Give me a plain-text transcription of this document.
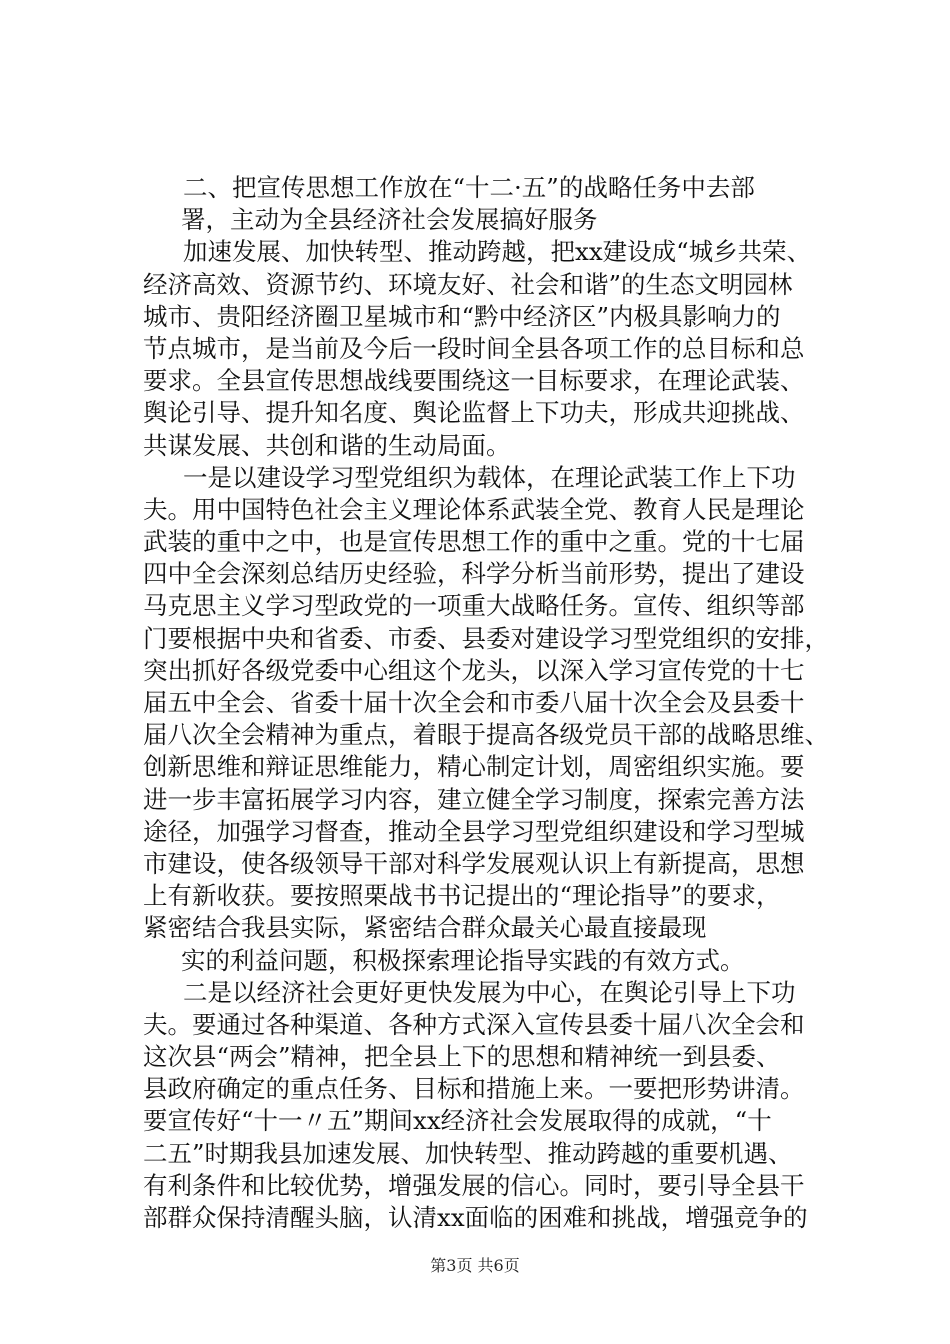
二、把宣传思想工作放在“十二·五”的战略任务中去部
署，主动为全县经济社会发展搞好服务
加速发展、加快转型、推动跨越，把xx建设成“城乡共荣、
经济高效、资源节约、环境友好、社会和谐”的生态文明园林
城市、贵阳经济圈卫星城市和“黔中经济区”内极具影响力的
节点城市，是当前及今后一段时间全县各项工作的总目标和总
要求。全县宣传思想战线要围绕这一目标要求，在理论武装、
舆论引导、提升知名度、舆论监督上下功夫，形成共迎挑战、
共谋发展、共创和谐的生动局面。
一是以建设学习型党组织为载体，在理论武装工作上下功
夫。用中国特色社会主义理论体系武装全党、教育人民是理论
武装的重中之中，也是宣传思想工作的重中之重。党的十七届
四中全会深刻总结历史经验，科学分析当前形势，提出了建设
马克思主义学习型政党的一项重大战略任务。宣传、组织等部
门要根据中央和省委、市委、县委对建设学习型党组织的安排，
突出抓好各级党委中心组这个龙头，以深入学习宣传党的十七
届五中全会、省委十届十次全会和市委八届十次全会及县委十
届八次全会精神为重点，着眼于提高各级党员干部的战略思维、
创新思维和辩证思维能力，精心制定计划，周密组织实施。要
进一步丰富拓展学习内容，建立健全学习制度，探索完善方法
途径，加强学习督查，推动全县学习型党组织建设和学习型城
市建设，使各级领导干部对科学发展观认识上有新提高，思想
上有新收获。要按照栗战书书记提出的“理论指导”的要求，
紧密结合我县实际，紧密结合群众最关心最直接最现
实的利益问题，积极探索理论指导实践的有效方式。
二是以经济社会更好更快发展为中心，在舆论引导上下功
夫。要通过各种渠道、各种方式深入宣传县委十届八次全会和
这次县“两会”精神，把全县上下的思想和精神统一到县委、
县政府确定的重点任务、目标和措施上来。一要把形势讲清。
要宣传好“十一〃五”期间xx经济社会发展取得的成就，“十
二五”时期我县加速发展、加快转型、推动跨越的重要机遇、
有利条件和比较优势，增强发展的信心。同时，要引导全县干
部群众保持清醒头脑，认清xx面临的困难和挑战，增强竞争的
第3页 共6页
